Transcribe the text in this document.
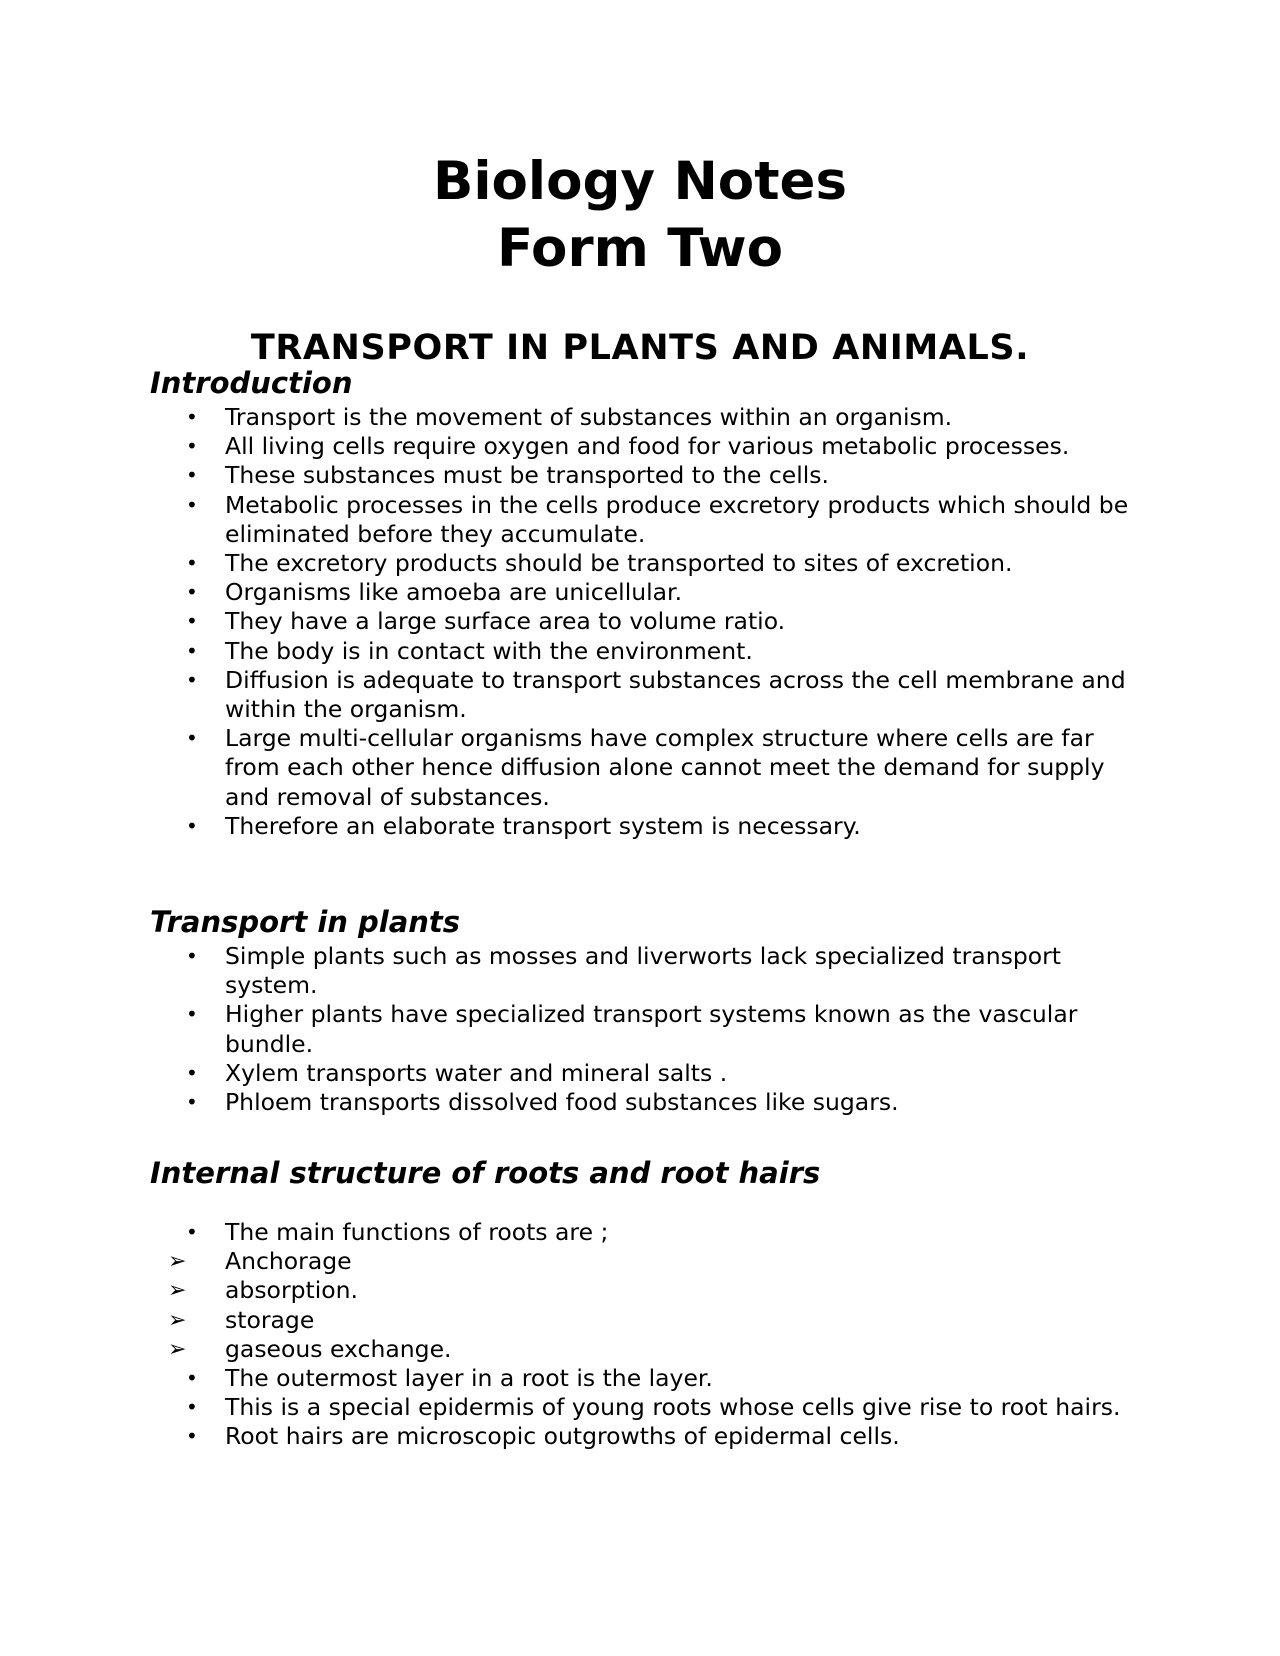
Biology Notes
Form Two
TRANSPORT IN PLANTS AND ANIMALS.
Introduction
• Transport is the movement of substances within an organism.
• All living cells require oxygen and food for various metabolic processes.
• These substances must be transported to the cells.
• Metabolic processes in the cells produce excretory products which should be eliminated before they accumulate.
• The excretory products should be transported to sites of excretion.
• Organisms like amoeba are unicellular.
• They have a large surface area to volume ratio.
• The body is in contact with the environment.
• Diffusion is adequate to transport substances across the cell membrane and within the organism.
• Large multi-cellular organisms have complex structure where cells are far from each other hence diffusion alone cannot meet the demand for supply and removal of substances.
• Therefore an elaborate transport system is necessary.
Transport in plants
• Simple plants such as mosses and liverworts lack specialized transport system.
• Higher plants have specialized transport systems known as the vascular bundle.
• Xylem transports water and mineral salts .
• Phloem transports dissolved food substances like sugars.
Internal structure of roots and root hairs
• The main functions of roots are ;
➢ Anchorage
➢ absorption.
➢ storage
➢ gaseous exchange.
• The outermost layer in a root is the layer.
• This is a special epidermis of young roots whose cells give rise to root hairs.
• Root hairs are microscopic outgrowths of epidermal cells.
